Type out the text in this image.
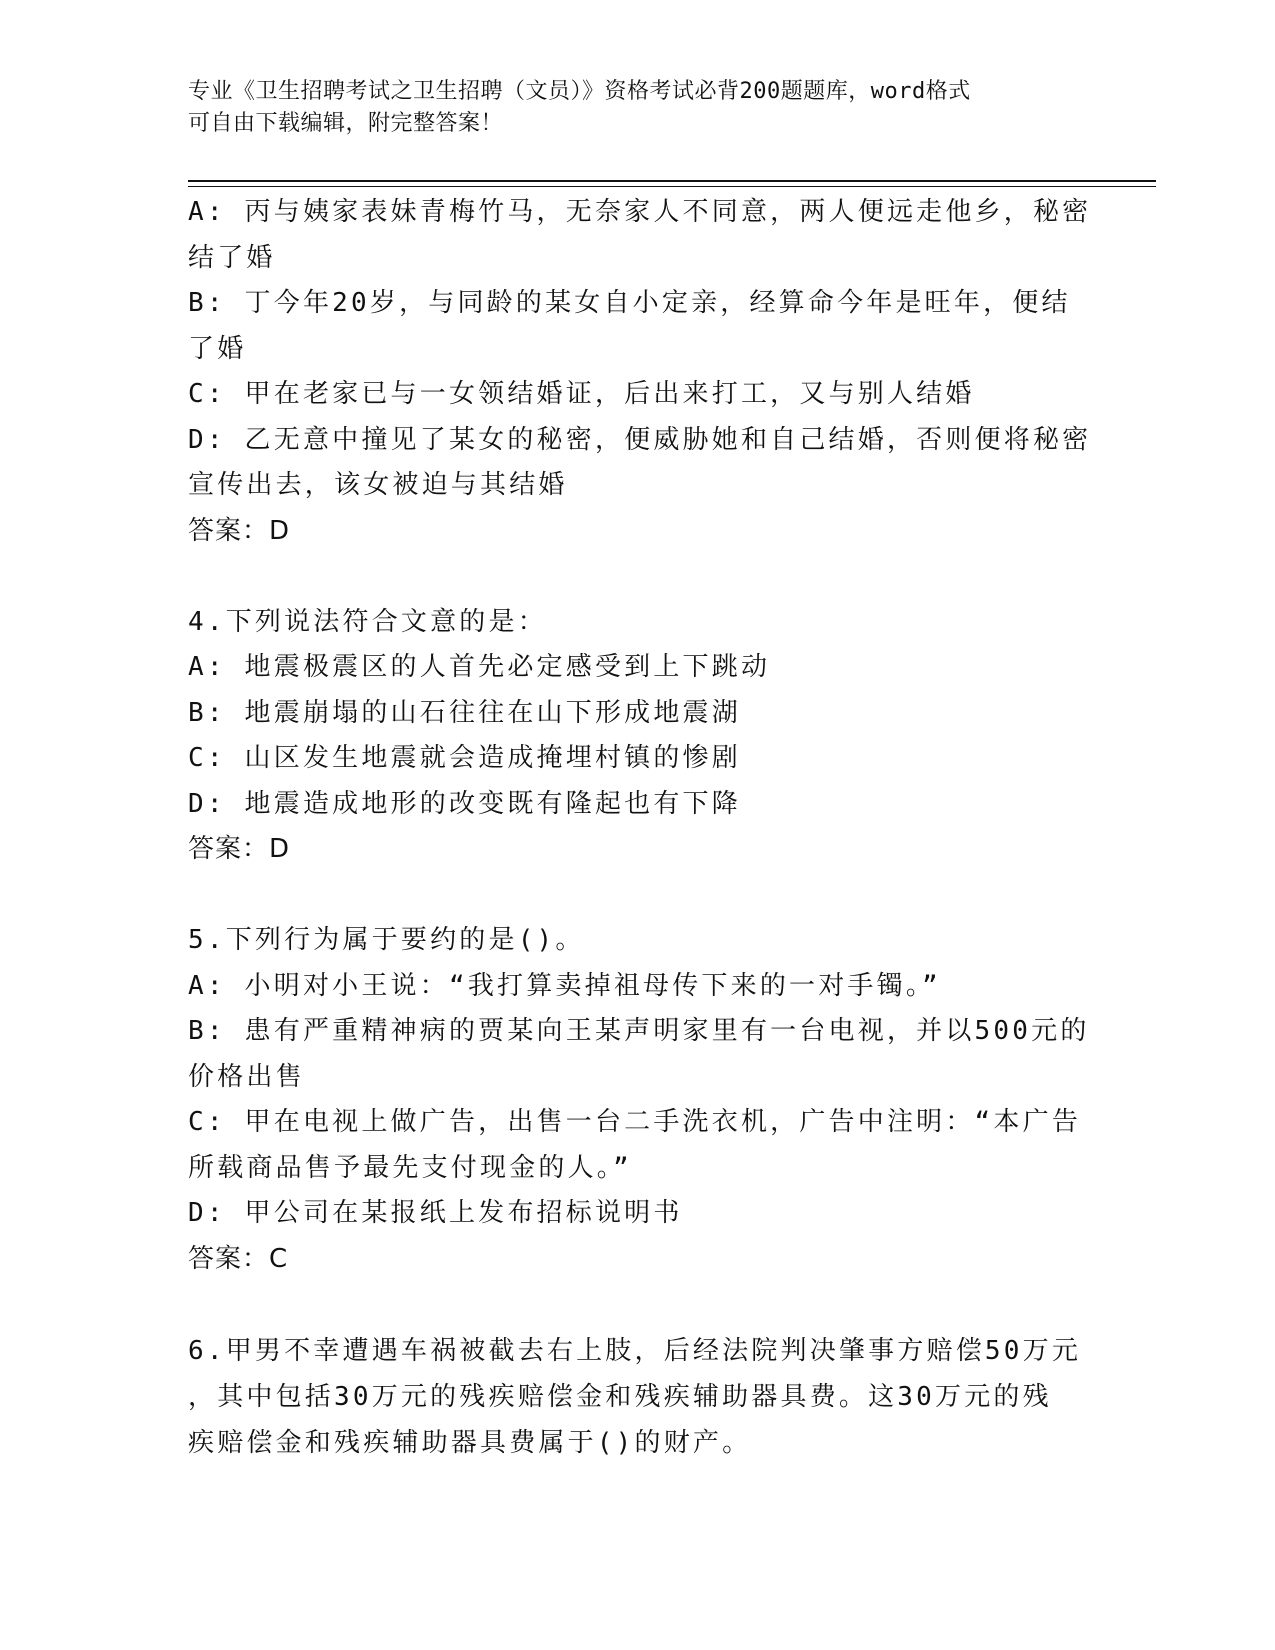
专业《卫生招聘考试之卫生招聘（文员）》资格考试必背200题题库，word格式
可自由下载编辑，附完整答案！
A: 丙与姨家表妹青梅竹马，无奈家人不同意，两人便远走他乡，秘密
结了婚
B: 丁今年20岁，与同龄的某女自小定亲，经算命今年是旺年，便结
了婚
C: 甲在老家已与一女领结婚证，后出来打工，又与别人结婚
D: 乙无意中撞见了某女的秘密，便威胁她和自己结婚，否则便将秘密
宣传出去，该女被迫与其结婚
答案：D
4.下列说法符合文意的是：
A: 地震极震区的人首先必定感受到上下跳动
B: 地震崩塌的山石往往在山下形成地震湖
C: 山区发生地震就会造成掩埋村镇的惨剧
D: 地震造成地形的改变既有隆起也有下降
答案：D
5.下列行为属于要约的是()。
A: 小明对小王说：“我打算卖掉祖母传下来的一对手镯。”
B: 患有严重精神病的贾某向王某声明家里有一台电视，并以500元的
价格出售
C: 甲在电视上做广告，出售一台二手洗衣机，广告中注明：“本广告
所载商品售予最先支付现金的人。”
D: 甲公司在某报纸上发布招标说明书
答案：C
6.甲男不幸遭遇车祸被截去右上肢，后经法院判决肇事方赔偿50万元
，其中包括30万元的残疾赔偿金和残疾辅助器具费。这30万元的残
疾赔偿金和残疾辅助器具费属于()的财产。
